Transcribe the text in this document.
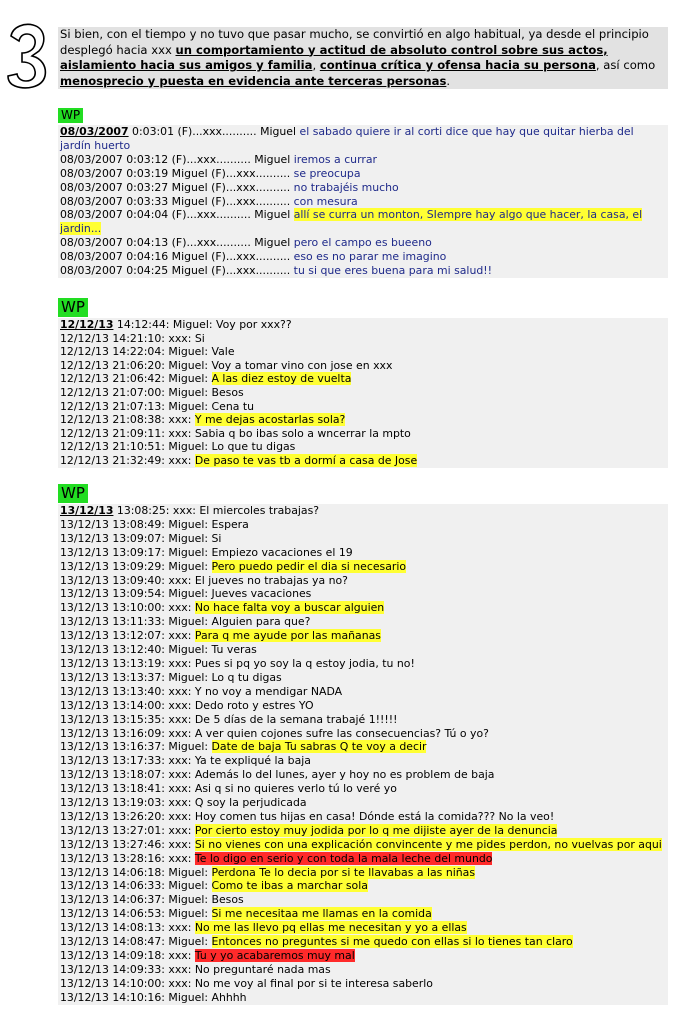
Si bien, con el tiempo y no tuvo que pasar mucho, se convirtió en algo habitual, ya desde el principio desplegó hacia xxx un comportamiento y actitud de absoluto control sobre sus actos, aislamiento hacia sus amigos y familia, continua crítica y ofensa hacia su persona, así como menosprecio y puesta en evidencia ante terceras personas.
WP
08/03/2007 0:03:01 (F)...xxx.......... Miguel el sabado quiere ir al corti dice que hay que quitar hierba del jardín huerto
08/03/2007 0:03:12 (F)...xxx.......... Miguel iremos a currar
08/03/2007 0:03:19 Miguel (F)...xxx.......... se preocupa
08/03/2007 0:03:27 Miguel (F)...xxx.......... no trabajéis mucho
08/03/2007 0:03:33 Miguel (F)...xxx.......... con mesura
08/03/2007 0:04:04 (F)...xxx.......... Miguel allí se curra un monton, SIempre hay algo que hacer, la casa, el jardin...
08/03/2007 0:04:13 (F)...xxx.......... Miguel pero el campo es bueeno
08/03/2007 0:04:16 Miguel (F)...xxx.......... eso es no parar me imagino
08/03/2007 0:04:25 Miguel (F)...xxx.......... tu si que eres buena para mi salud!!
WP
12/12/13 14:12:44: Miguel: Voy por xxx??
12/12/13 14:21:10: xxx: Si
12/12/13 14:22:04: Miguel: Vale
12/12/13 21:06:20: Miguel: Voy a tomar vino con jose en xxx
12/12/13 21:06:42: Miguel: A las diez estoy de vuelta
12/12/13 21:07:00: Miguel: Besos
12/12/13 21:07:13: Miguel: Cena tu
12/12/13 21:08:38: xxx: Y me dejas acostarlas sola?
12/12/13 21:09:11: xxx: Sabia q bo ibas solo a wncerrar la mpto
12/12/13 21:10:51: Miguel: Lo que tu digas
12/12/13 21:32:49: xxx: De paso te vas tb a dormí a casa de Jose
WP
13/12/13 13:08:25: xxx: El miercoles trabajas?
13/12/13 13:08:49: Miguel: Espera
13/12/13 13:09:07: Miguel: Si
13/12/13 13:09:17: Miguel: Empiezo vacaciones el 19
13/12/13 13:09:29: Miguel: Pero puedo pedir el dia si necesario
13/12/13 13:09:40: xxx: El jueves no trabajas ya no?
13/12/13 13:09:54: Miguel: Jueves vacaciones
13/12/13 13:10:00: xxx: No hace falta voy a buscar alguien
13/12/13 13:11:33: Miguel: Alguien para que?
13/12/13 13:12:07: xxx: Para q me ayude por las mañanas
13/12/13 13:12:40: Miguel: Tu veras
13/12/13 13:13:19: xxx: Pues si pq yo soy la q estoy jodia, tu no!
13/12/13 13:13:37: Miguel: Lo q tu digas
13/12/13 13:13:40: xxx: Y no voy a mendigar NADA
13/12/13 13:14:00: xxx: Dedo roto y estres YO
13/12/13 13:15:35: xxx: De 5 días de la semana trabajé 1!!!!!
13/12/13 13:16:09: xxx: A ver quien cojones sufre las consecuencias? Tú o yo?
13/12/13 13:16:37: Miguel: Date de baja Tu sabras Q te voy a decir
13/12/13 13:17:33: xxx: Ya te expliqué la baja
13/12/13 13:18:07: xxx: Además lo del lunes, ayer y hoy no es problem de baja
13/12/13 13:18:41: xxx: Asi q si no quieres verlo tú lo veré yo
13/12/13 13:19:03: xxx: Q soy la perjudicada
13/12/13 13:26:20: xxx: Hoy comen tus hijas en casa! Dónde está la comida??? No la veo!
13/12/13 13:27:01: xxx: Por cierto estoy muy jodida por lo q me dijiste ayer de la denuncia
13/12/13 13:27:46: xxx: Si no vienes con una explicación convincente y me pides perdon, no vuelvas por aqui
13/12/13 13:28:16: xxx: Te lo digo en serio y con toda la mala leche del mundo
13/12/13 14:06:18: Miguel: Perdona Te lo decia por si te llavabas a las niñas
13/12/13 14:06:33: Miguel: Como te ibas a marchar sola
13/12/13 14:06:37: Miguel: Besos
13/12/13 14:06:53: Miguel: Si me necesitaa me llamas en la comida
13/12/13 14:08:13: xxx: No me las llevo pq ellas me necesitan y yo a ellas
13/12/13 14:08:47: Miguel: Entonces no preguntes si me quedo con ellas si lo tienes tan claro
13/12/13 14:09:18: xxx: Tu y yo acabaremos muy mal
13/12/13 14:09:33: xxx: No preguntaré nada mas
13/12/13 14:10:00: xxx: No me voy al final por si te interesa saberlo
13/12/13 14:10:16: Miguel: Ahhhh
